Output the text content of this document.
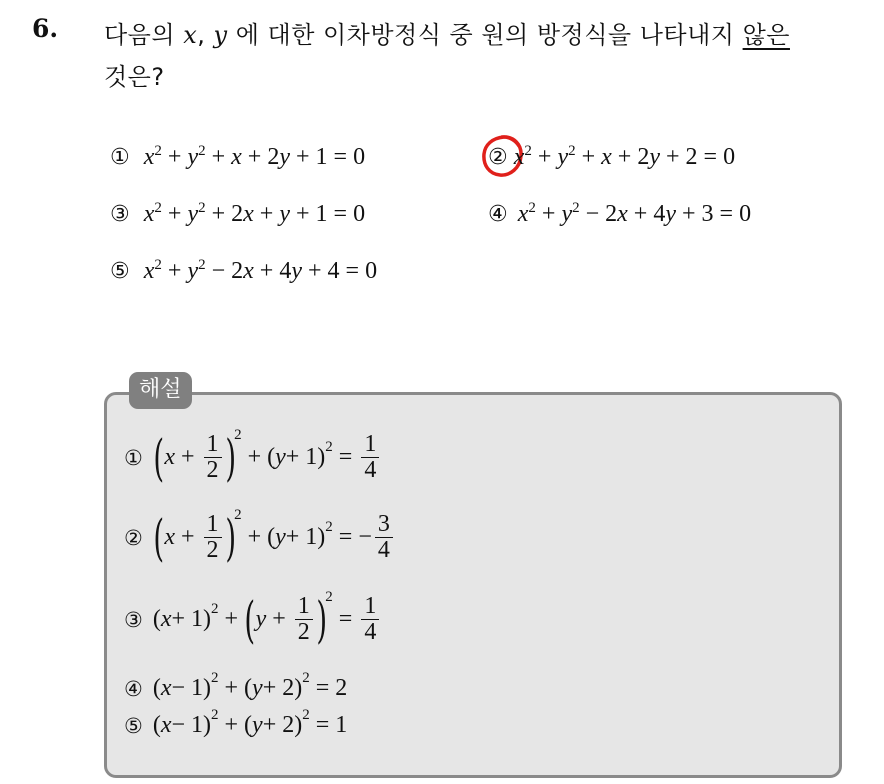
6. 다음의 x, y 에 대한 이차방정식 중 원의 방정식을 나타내지 않은
것은?
① $x^2 + y^2 + x + 2y + 1 = 0$	② $x^2 + y^2 + x + 2y + 2 = 0$
③ $x^2 + y^2 + 2x + y + 1 = 0$	④ $x^2 + y^2 - 2x + 4y + 3 = 0$
⑤ $x^2 + y^2 - 2x + 4y + 4 = 0$
해설
① ( $x + \frac{1}{2}$ )
2
+ ( y + 1) $2 = \frac{1}{4}$
② ( $x + \frac{1}{2}$ )
2
+ ( y + 1) 2 = − $\frac{3}{4}$
③ ( x + 1) 2 + ( $y + \frac{1}{2}$ )
2
= $\frac{1}{4}$
④ ( x − 1) 2 + ( y + 2) 2 = 2
⑤ ( x − 1) 2 + ( y + 2) 2 = 1
